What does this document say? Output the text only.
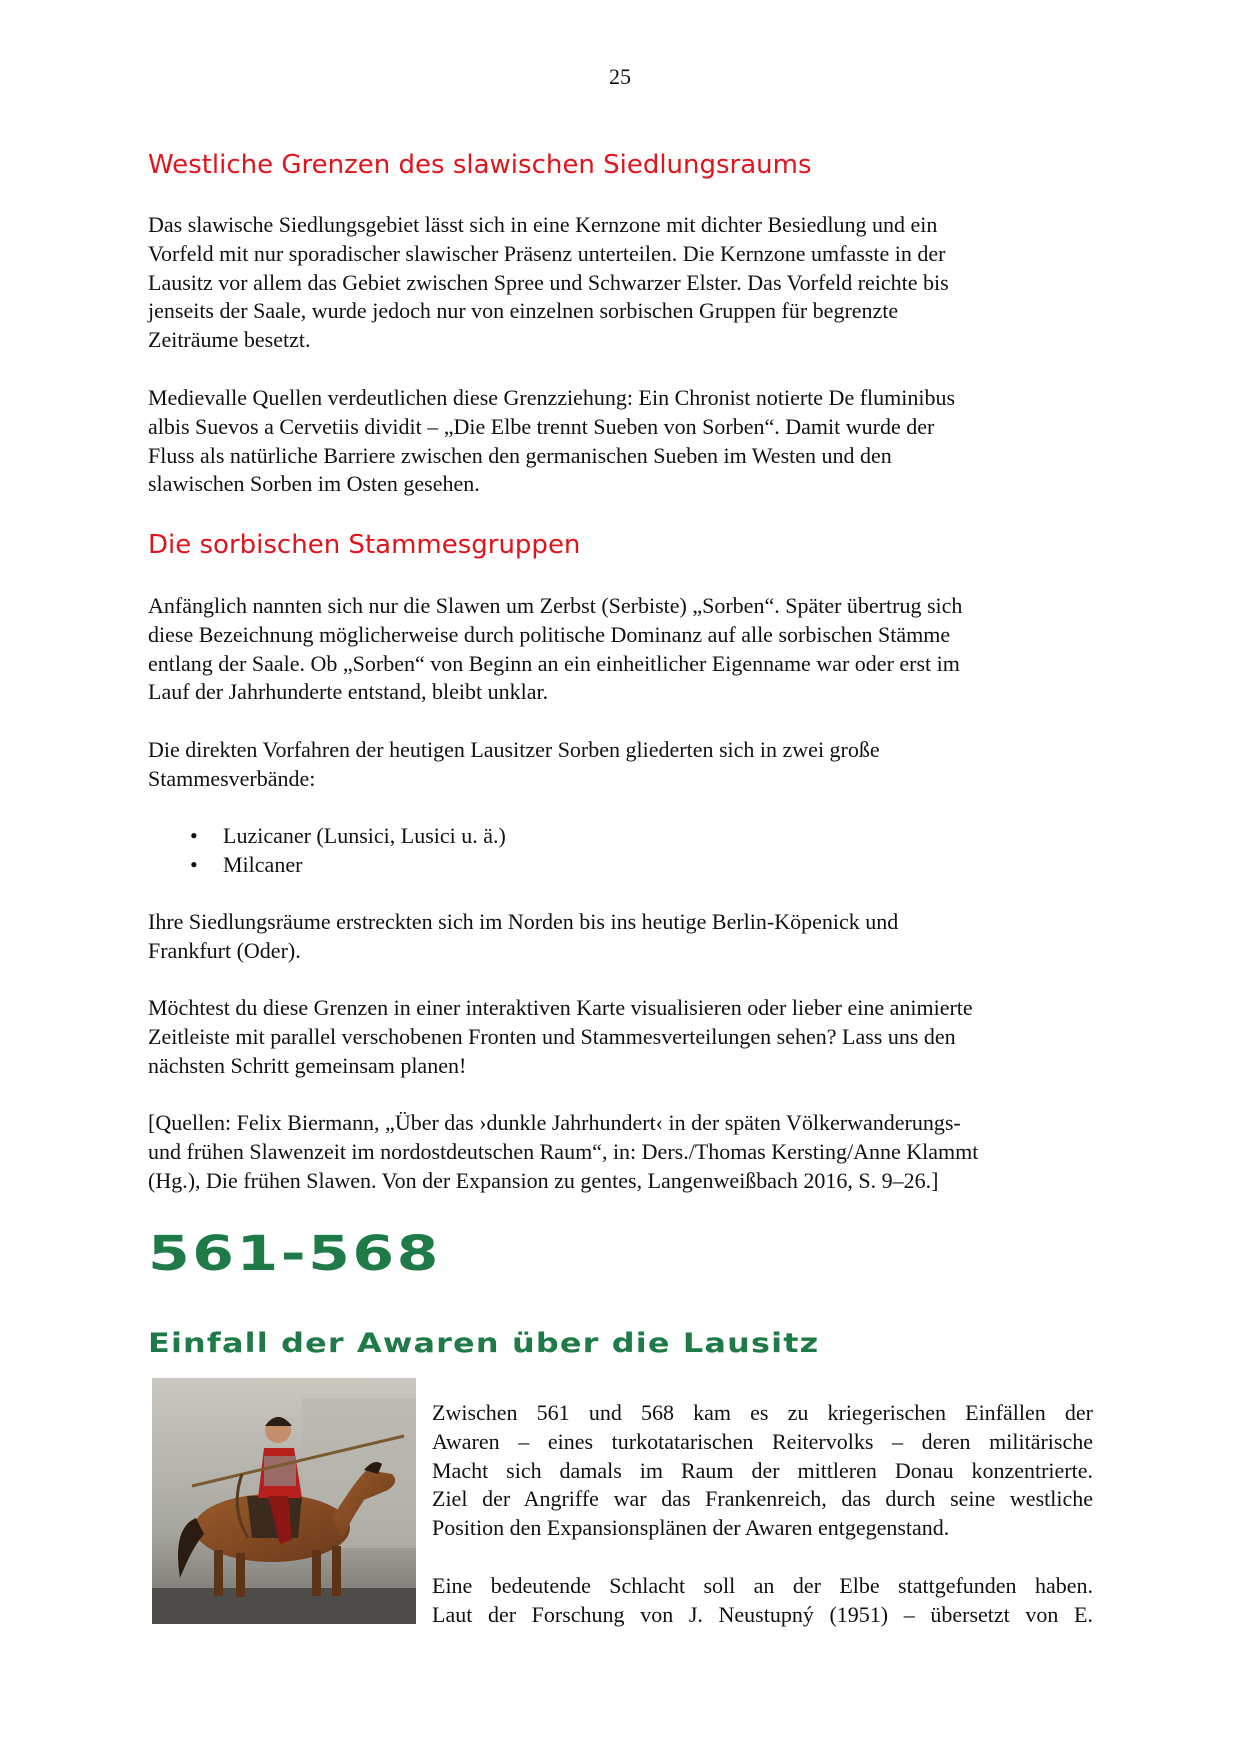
25
Westliche Grenzen des slawischen Siedlungsraums

Das slawische Siedlungsgebiet lässt sich in eine Kernzone mit dichter Besiedlung und ein
Vorfeld mit nur sporadischer slawischer Präsenz unterteilen. Die Kernzone umfasste in der
Lausitz vor allem das Gebiet zwischen Spree und Schwarzer Elster. Das Vorfeld reichte bis
jenseits der Saale, wurde jedoch nur von einzelnen sorbischen Gruppen für begrenzte
Zeiträume besetzt.

Medievalle Quellen verdeutlichen diese Grenzziehung: Ein Chronist notierte De fluminibus
albis Suevos a Cervetiis dividit – „Die Elbe trennt Sueben von Sorben“. Damit wurde der
Fluss als natürliche Barriere zwischen den germanischen Sueben im Westen und den
slawischen Sorben im Osten gesehen.

Die sorbischen Stammesgruppen

Anfänglich nannten sich nur die Slawen um Zerbst (Serbiste) „Sorben“. Später übertrug sich
diese Bezeichnung möglicherweise durch politische Dominanz auf alle sorbischen Stämme
entlang der Saale. Ob „Sorben“ von Beginn an ein einheitlicher Eigenname war oder erst im
Lauf der Jahrhunderte entstand, bleibt unklar.

Die direkten Vorfahren der heutigen Lausitzer Sorben gliederten sich in zwei große
Stammesverbände:

• Luzicaner (Lunsici, Lusici u. ä.)
• Milcaner

Ihre Siedlungsräume erstreckten sich im Norden bis ins heutige Berlin-Köpenick und
Frankfurt (Oder).

Möchtest du diese Grenzen in einer interaktiven Karte visualisieren oder lieber eine animierte
Zeitleiste mit parallel verschobenen Fronten und Stammesverteilungen sehen? Lass uns den
nächsten Schritt gemeinsam planen!

[Quellen: Felix Biermann, „Über das ›dunkle Jahrhundert‹ in der späten Völkerwanderungs-
und frühen Slawenzeit im nordostdeutschen Raum“, in: Ders./Thomas Kersting/Anne Klammt
(Hg.), Die frühen Slawen. Von der Expansion zu gentes, Langenweißbach 2016, S. 9–26.]

561-568
Einfall der Awaren über die Lausitz

Zwischen 561 und 568 kam es zu kriegerischen Einfällen der
Awaren – eines turkotatarischen Reitervolks – deren militärische
Macht sich damals im Raum der mittleren Donau konzentrierte.
Ziel der Angriffe war das Frankenreich, das durch seine westliche
Position den Expansionsplänen der Awaren entgegenstand.

Eine bedeutende Schlacht soll an der Elbe stattgefunden haben.
Laut der Forschung von J. Neustupný (1951) – übersetzt von E.
